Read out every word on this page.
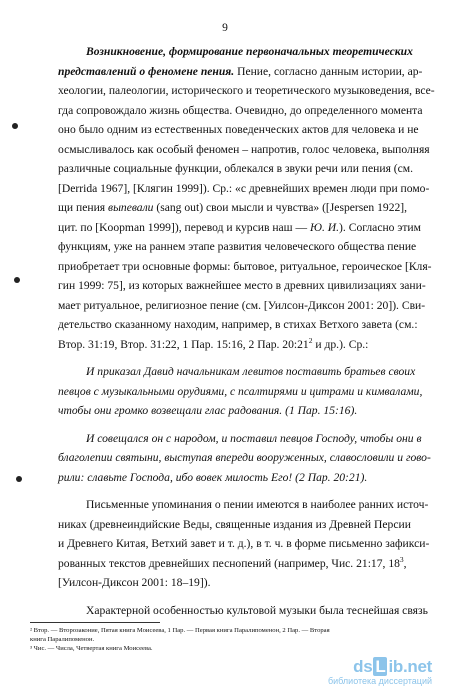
9
Возникновение, формирование первоначальных теоретических
представлений о феномене пения. Пение, согласно данным истории, ар-
хеологии, палеологии, исторического и теоретического музыковедения, все-
гда сопровождало жизнь общества. Очевидно, до определенного момента
оно было одним из естественных поведенческих актов для человека и не
осмысливалось как особый феномен – напротив, голос человека, выполняя
различные социальные функции, облекался в звуки речи или пения (см.
[Derrida 1967], [Клягин 1999]). Ср.: «с древнейших времен люди при помо-
щи пения выпевали (sang out) свои мысли и чувства» ([Jespersen 1922],
цит. по [Koopman 1999]), перевод и курсив наш — Ю. И.). Согласно этим
функциям, уже на раннем этапе развития человеческого общества пение
приобретает три основные формы: бытовое, ритуальное, героическое [Кля-
гин 1999: 75], из которых важнейшее место в древних цивилизациях зани-
мает ритуальное, религиозное пение (см. [Уилсон-Диксон 2001: 20]). Сви-
детельство сказанному находим, например, в стихах Ветхого завета (см.:
Втор. 31:19, Втор. 31:22, 1 Пар. 15:16, 2 Пар. $20:21^2$ и др.). Ср.:
И приказал Давид начальникам левитов поставить братьев своих
певцов с музыкальными орудиями, с псалтирями и цитрами и кимвалами,
чтобы они громко возвещали глас радования. (1 Пар. 15:16).
И совещался он с народом, и поставил певцов Господу, чтобы они в
благолепии святыни, выступая впереди вооруженных, славословили и гово-
рили: славьте Господа, ибо вовек милость Его! (2 Пар. 20:21).
Письменные упоминания о пении имеются в наиболее ранних источ-
никах (древнеиндийские Веды, священные издания из Древней Персии
и Древнего Китая, Ветхий завет и т. д.), в т. ч. в форме письменно зафикси-
рованных текстов древнейших песнопений (например, Чис. 21:17, $18^3$,
[Уилсон-Диксон 2001: 18–19]).
Характерной особенностью культовой музыки была теснейшая связь
² Втор. — Второзаконие, Пятая книга Моисеева, 1 Пар. — Первая книга Паралипоменон, 2 Пар. — Вторая
книга Паралипоменон.
³ Чис. — Числа, Четвертая книга Моисеева.
ds L ib.net
библиотека диссертаций
